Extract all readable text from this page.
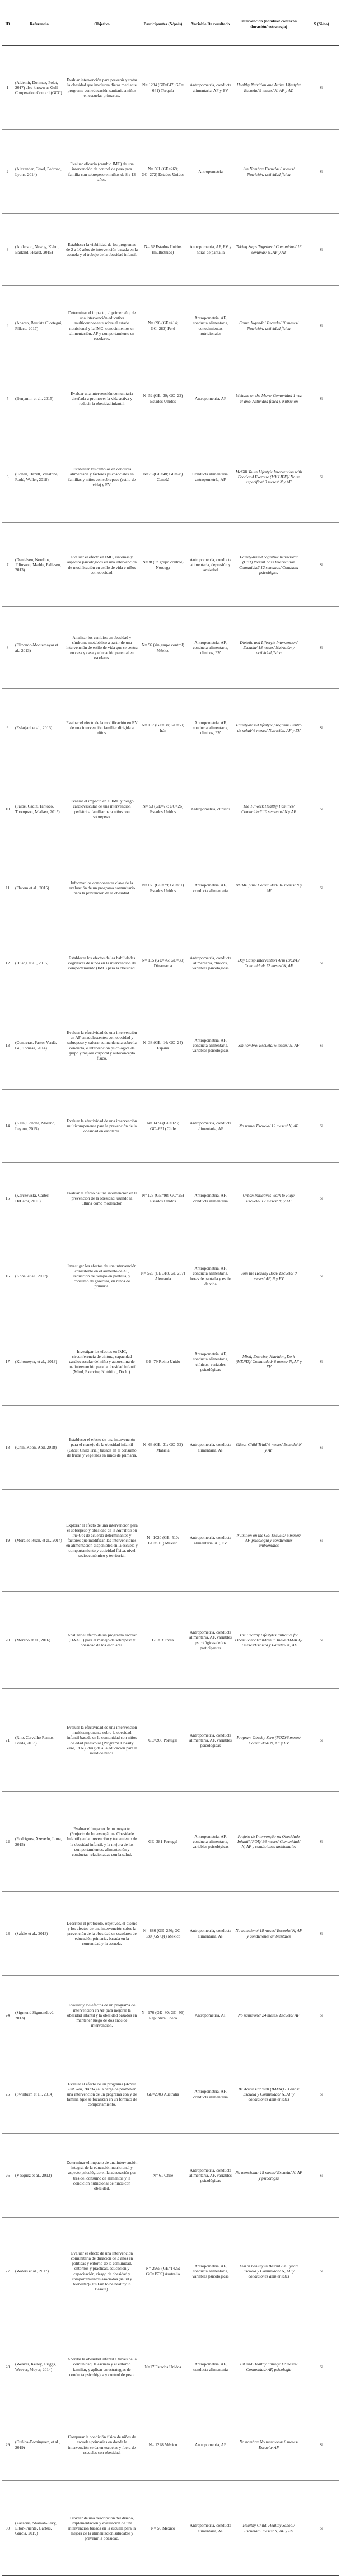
ID	Referencia	Objetivo	Participantes (N/país)	Variable De resultado	Intervención (nombre/ contexto/ duración/ estrategia)	S (Si/no)
1	(Aldemir, Donmez, Polat, 2017) also known as Gulf Cooperation Council (GCC)	Evaluar intervención para prevenir y tratar la obesidad que involucra dietas mediante programa con educación sanitaria a niños en escuelas primarias.	N= 1284 (GE=647; GC= 641) Turquía	Antropometría, conducta alimentaria, AF y EV	Healthy Nutrition and Active Lifestyle/ Escuela/ 9 meses/ N, AF y AT.	Si
2	(Alexander, Groel, Pedroso, Lyons, 2014)	Evaluar eficacia (cambio IMC) de una intervención de control de peso para familia con sobrepeso en niños de 8 a 13 años.	N= 561 (GE=269; GC=272) Estados Unidos	Antropometría	Sin Nombre/ Escuela/ 6 meses/ Nutrición, actividad física	Si
3	(Anderson, Newby, Kehm, Barland, Hearst, 2015)	Establecer la viabilidad de los programas de 2 a 10 años de intervención basada en la escuela y el trabajo de la obesidad infantil.	N= 62 Estados Unidos (multiétnico)	Antropometría, AF, EV y horas de pantalla	Taking Steps Together / Comunidad/ 16 semanas/ N, AF y AT	Si
4	(Aparco, Bautista Olortegui, Pillaca, 2017)	Determinar el impacto, al primer año, de una intervención educativa multicomponente sobre el estado nutricional y la IMC, conocimientos en alimentación, AF y comportamiento en escolares.	N= 696 (GE=414; GC=282) Perú	Antropometría, AF, conducta alimentaria, conocimientos nutricionales	Como Jugando! Escuela/ 10 meses/ Nutrición, actividad física	Si
5	(Benjamin et al., 2015)	Evaluar una intervención comunitaria diseñada a promover la vida activa y reducir la obesidad infantil.	N=52 (GE=30; GC=22) Estados Unidos	Antropometría, AF	Mehane on the Move/ Comunidad 1 vez al año/ Actividad física y Nutrición	Si
6	(Cohen, Hazell, Vanstone, Rodd, Weiler, 2018)	Establecer los cambios en conducta alimentaria y factores psicosociales en familias y niños con sobrepeso (estilo de vida) y EV.	N=78 (GE=48; GC=28) Canadá	Conducta alimentaria, antropometría, AF	McGill Youth Lifestyle Intervention with Food and Exercise (MY LIFE)/ No se especifica/ 9 meses/ N y AF	Si
7	(Danielsen, Nordhus, Júlíusson, Mæhle, Pallesen, 2013)	Evaluar el efecto en IMC, síntomas y aspectos psicológicos en una intervención de modificación en estilo de vida e niños con obesidad.	N=38 (un grupo control) Noruega	Antropometría, conducta alimentaria, depresión y ansiedad	Family-based cognitive behavioral (CBT) Weight Loss Intervention Comunidad/ 12 semanas/ Conducta psicológica	Si
8	(Elizondo-Montemayor et al., 2013)	Analizar los cambios en obesidad y síndrome metabólico a partir de una intervención de estilo de vida que se centra en casa y casa y educación parental en escolares.	N= 96 (sin grupo control) México	Antropometría, AF, conducta alimentaria, clínicos, EV	Dietetic and Lifestyle Intervention/ Escuela/ 18 meses/ Nutrición y actividad física	Si
9	(Esfarjani et al., 2013)	Evaluar el efecto de la modificación en EV de una intervención familiar dirigida a niños.	N= 117 (GE=58; GC=59) Irán	Antropometría, AF, conducta alimentaria, clínicos, EV	Family-based lifestyle program/ Centro de salud/ 6 meses/ Nutrición, AF y EV	Si
10	(Falbe, Cadiz, Tantoco, Thompson, Madsen, 2015)	Evaluar el impacto en el IMC y riesgo cardiovascular de una intervención pediátrica familiar para niños con sobrepeso.	N= 53 (GE=27; GC=26) Estados Unidos	Antropometría, clínicos	The 10 week Healthy Families/ Comunidad/ 10 semanas/ N y AF	Si
11	(Flatom et al., 2015)	Informar los componentes clave de la evaluación de un programa comunitario para la prevención de la obesidad.	N=160 (GE=79; GC=81) Estados Unidos	Antropometría, AF, conducta alimentaria	HOME plus/ Comunidad/ 10 meses/ N y AF	Si
12	(Huang et al., 2015)	Establecer los efectos de las habilidades cognitivas de niños en la intervención de comportamiento (IMC) para la obesidad.	N= 115 (GE=76; GC=39) Dinamarca	Antropometría, conducta alimentaria, clínicos, variables psicológicas	Day Camp Intervention Arm (DCIA)/ Comunidad/ 12 meses/ N, AF	Si
13	(Contreras, Pastor Verdú, Gil, Tomasa, 2014)	Evaluar la efectividad de una intervención en AF en adolescentes con obesidad y sobrepeso y valorar su incidencia sobre la conducta, e intervención psicológica de grupo y mejora corporal y autoconcepto físico.	N=38 (GE=14; GC=24) España	Antropometría, AF, conducta alimentaria, variables psicológicas	Sin nombre/ Escuela/ 6 meses/ N, AF	Si
14	(Kain, Concha, Moreno, Leyton, 2015)	Evaluar la efectividad de una intervención multicomponente para la prevención de la obesidad en escolares.	N= 1474 (GE=823; GC=651) Chile	Antropometría, conducta alimentaria, AF	No name/ Escuela/ 12 meses/ N, AF	Si
15	(Karczewski, Carter, DeCator, 2016)	Evaluar el efecto de una intervención en la prevención de la obesidad, usando la última como moderador.	N=123 (GE=98; GC=25) Estados Unidos	Antropometría, AF, conducta alimentaria	Urban Initiatives Work to Play/ Escuela/ 12 meses/ N, y AF	Si
16	(Kobel et al., 2017)	Investigar los efectos de una intervención consistente en el aumento de AF, reducción de tiempo en pantalla, y consumo de gaseosas, en niños de primaria.	N= 525 (GE 318, GC 207) Alemania	Antropometría, AF, conducta alimentaria, horas de pantalla y estilo de vida	Join the Healthy Boat/ Escuela/ 9 meses/ AF, N y EV	Si
17	(Kolomeyra, et al., 2013)	Investigar los efectos en IMC, circunferencia de cintura, capacidad cardiovascular del niño y autoestima de una intervención para la obesidad infantil (Mind, Exercise, Nutrition, Do It!).	GE=79 Reino Unido	Antropometría, AF, conducta alimentaria, clínicos, variables psicológicas	Mind, Exercise, Nutrition, Do it (MEND)/ Comunidad/ 6 meses/ N, AF y EV	Si
18	(Chin, Koon, Abd, 2018)	Establecer el efecto de una intervención para el manejo de la obesidad infantil (Ghost Child Trial) basada en el consumo de frutas y vegetales en niños de primaria.	N=63 (GE=31; GC=32) Malasia	Antropometría, conducta alimentaria, AF	GBeat-Child Trial/ 6 meses/ Escuela/ N y AF	Si
19	(Morales-Ruan, et al., 2014)	Explorar el efecto de una intervención para el sobrepeso y obesidad de la Nutrition on the Go; de acuerdo determinantes y factores que modifican las intervenciones en alimentación disponibles en la escuela y comportamiento y actividad física, nivel socioeconómico y territorial.	N= 1020 (GE=510; GC=510) México	Antropometría, conducta alimentaria, AF, EV	Nutrition on the Go/ Escuela/ 6 meses/ AF, psicología y condiciones ambientales	Si
20	(Moreno et al., 2016)	Analizar el efecto de un programa escolar (HAAPI) para el manejo de sobrepeso y obesidad de los escolares.	GE=18 India	Antropometría, conducta alimentaria, AF, variables psicológicas de los participantes	The Healthy Lifestyles Initiative for Obese Schoolchildren in India (HAAPI)/ 9 meses/Escuela y Familia/ N, AF	Si
21	(Rito, Carvalho Ramos, Breda, 2013)	Evaluar la efectividad de una intervención multicomponente sobre la obesidad infantil basada en la comunidad con niños de edad preescolar (Programa Obesity Zero, POZ), dirigida a la educación para la salud de niños.	GE=266 Portugal	Antropometría, conducta alimentaria, AF, variables psicológicas	Program Obesity Zero (POZ)/6 meses/ Comunidad/ N, AF y EV	Si
22	(Rodrigues, Azevedo, Lima, 2015)	Evaluar el impacto de un proyecto (Projecto de Intervenção na Obesidade Infantil) en la prevención y tratamiento de la obesidad infantil, y la mejora de los comportamientos, alimentación y conductas relacionadas con la salud.	GE=381 Portugal	Antropometría, AF, conducta alimentaria, variables psicológicas	Projeto de Intervenção na Obesidade Infantil (POI)/ 36 meses/ Comunidad/ N, AF y condiciones ambientales	Si
23	(Safdie et al., 2013)	Describir el protocolo, objetivos, el diseño y los efectos de una intervención sobre la prevención de la obesidad en escolares de educación primaria, basada en la comunidad y la escuela.	N= 886 (GE=256; GC= 830 (GS Q1) México	Antropometría, conducta alimentaria, AF	No name/one/ 18 meses/ Escuela/ N, AF y condiciones ambientales	Si
24	(Sigmund Sigmundová, 2013)	Evaluar y los efectos de un programa de intervención en AF para mejorar la obesidad infantil y la obesidad basados en mantener luego de dos años de intervención.	N= 176 (GE=80; GC=96) República Checa	Antropometría, AF	No name/one/ 24 meses/ Escuela/ AF	Si
25	(Swinburn et al., 2014)	Evaluar el efecto de un programa (Active Eat Well, BAEW) a la carga de promover una intervención de un programa con y de familia (que se focalizan en un formato de comportamiento.	GE=2003 Australia	Antropometría, AF, conducta alimentaria	Be Active Eat Well (BAEW) / 3 años/ Escuela y Comunidad/ N, AF y condiciones ambientales	Si
26	(Vásquez et al., 2013)	Determinar el impacto de una intervención integral de la educación nutricional y aspecto psicológico en la adecuación por tres del consumo de alimentos y la condición nutricional de niños con obesidad.	N= 61 Chile	Antropometría, conducta alimentaria, AF, variables psicológicas	No mencionar 15 meses/ Escuela/ N, AF y psicología	Si
27	(Waters et al., 2017)	Evaluar el efecto de una intervención comunitaria de duración de 3 años en políticas y entorno de la comunidad, entornos y prácticas, educación y capacitación, riesgo de obesidad y comportamientos asociados (salud y bienestar) (It's Fun to be healthy in Basoul).	N= 2965 (GE=1426; GC=1539) Australia	Antropometría, AF, conducta alimentaria, variables psicológicas	Fun 'n healthy in Basoul / 3.5 year/ Escuela y Comunidad/ N, AF y condiciones ambientales	Si
28	(Weaver, Kelley, Griggs, Weaver, Moyer, 2014)	Abordar la obesidad infantil a través de la comunidad, la escuela y el entorno familiar, y aplicar en estrategias de conducta psicológica y control de peso.	N=17 Estados Unidos	Antropometría, AF, conducta alimentaria	Fit and Healthy Family/ 12 meses/ Comunidad/ AF, psicología	Si
29	(Cuñica-Domínguez, et al., 2019)	Comparar la condición física de niños de escuelas primarias en donde la intervención se da en escuelas y fuera de escuelas con obesidad.	N= 1228 México	Antropometría, AF	No nombre/ No menciona/ 6 meses/ Escuela/ AF	Si
30	(Zacarías, Shamah-Levy, Elton-Puente, Garbus, García, 2019)	Proveer de una descripción del diseño, implementación y evaluación de una intervención basada en la escuela para la mejora de la alimentación saludable y prevenir la obesidad.	N= 50 México	Antropometría, conducta alimentaria, AF	Healthy Child, Healthy School/ Escuela/ 9 meses/ N, AF y EV	Si
